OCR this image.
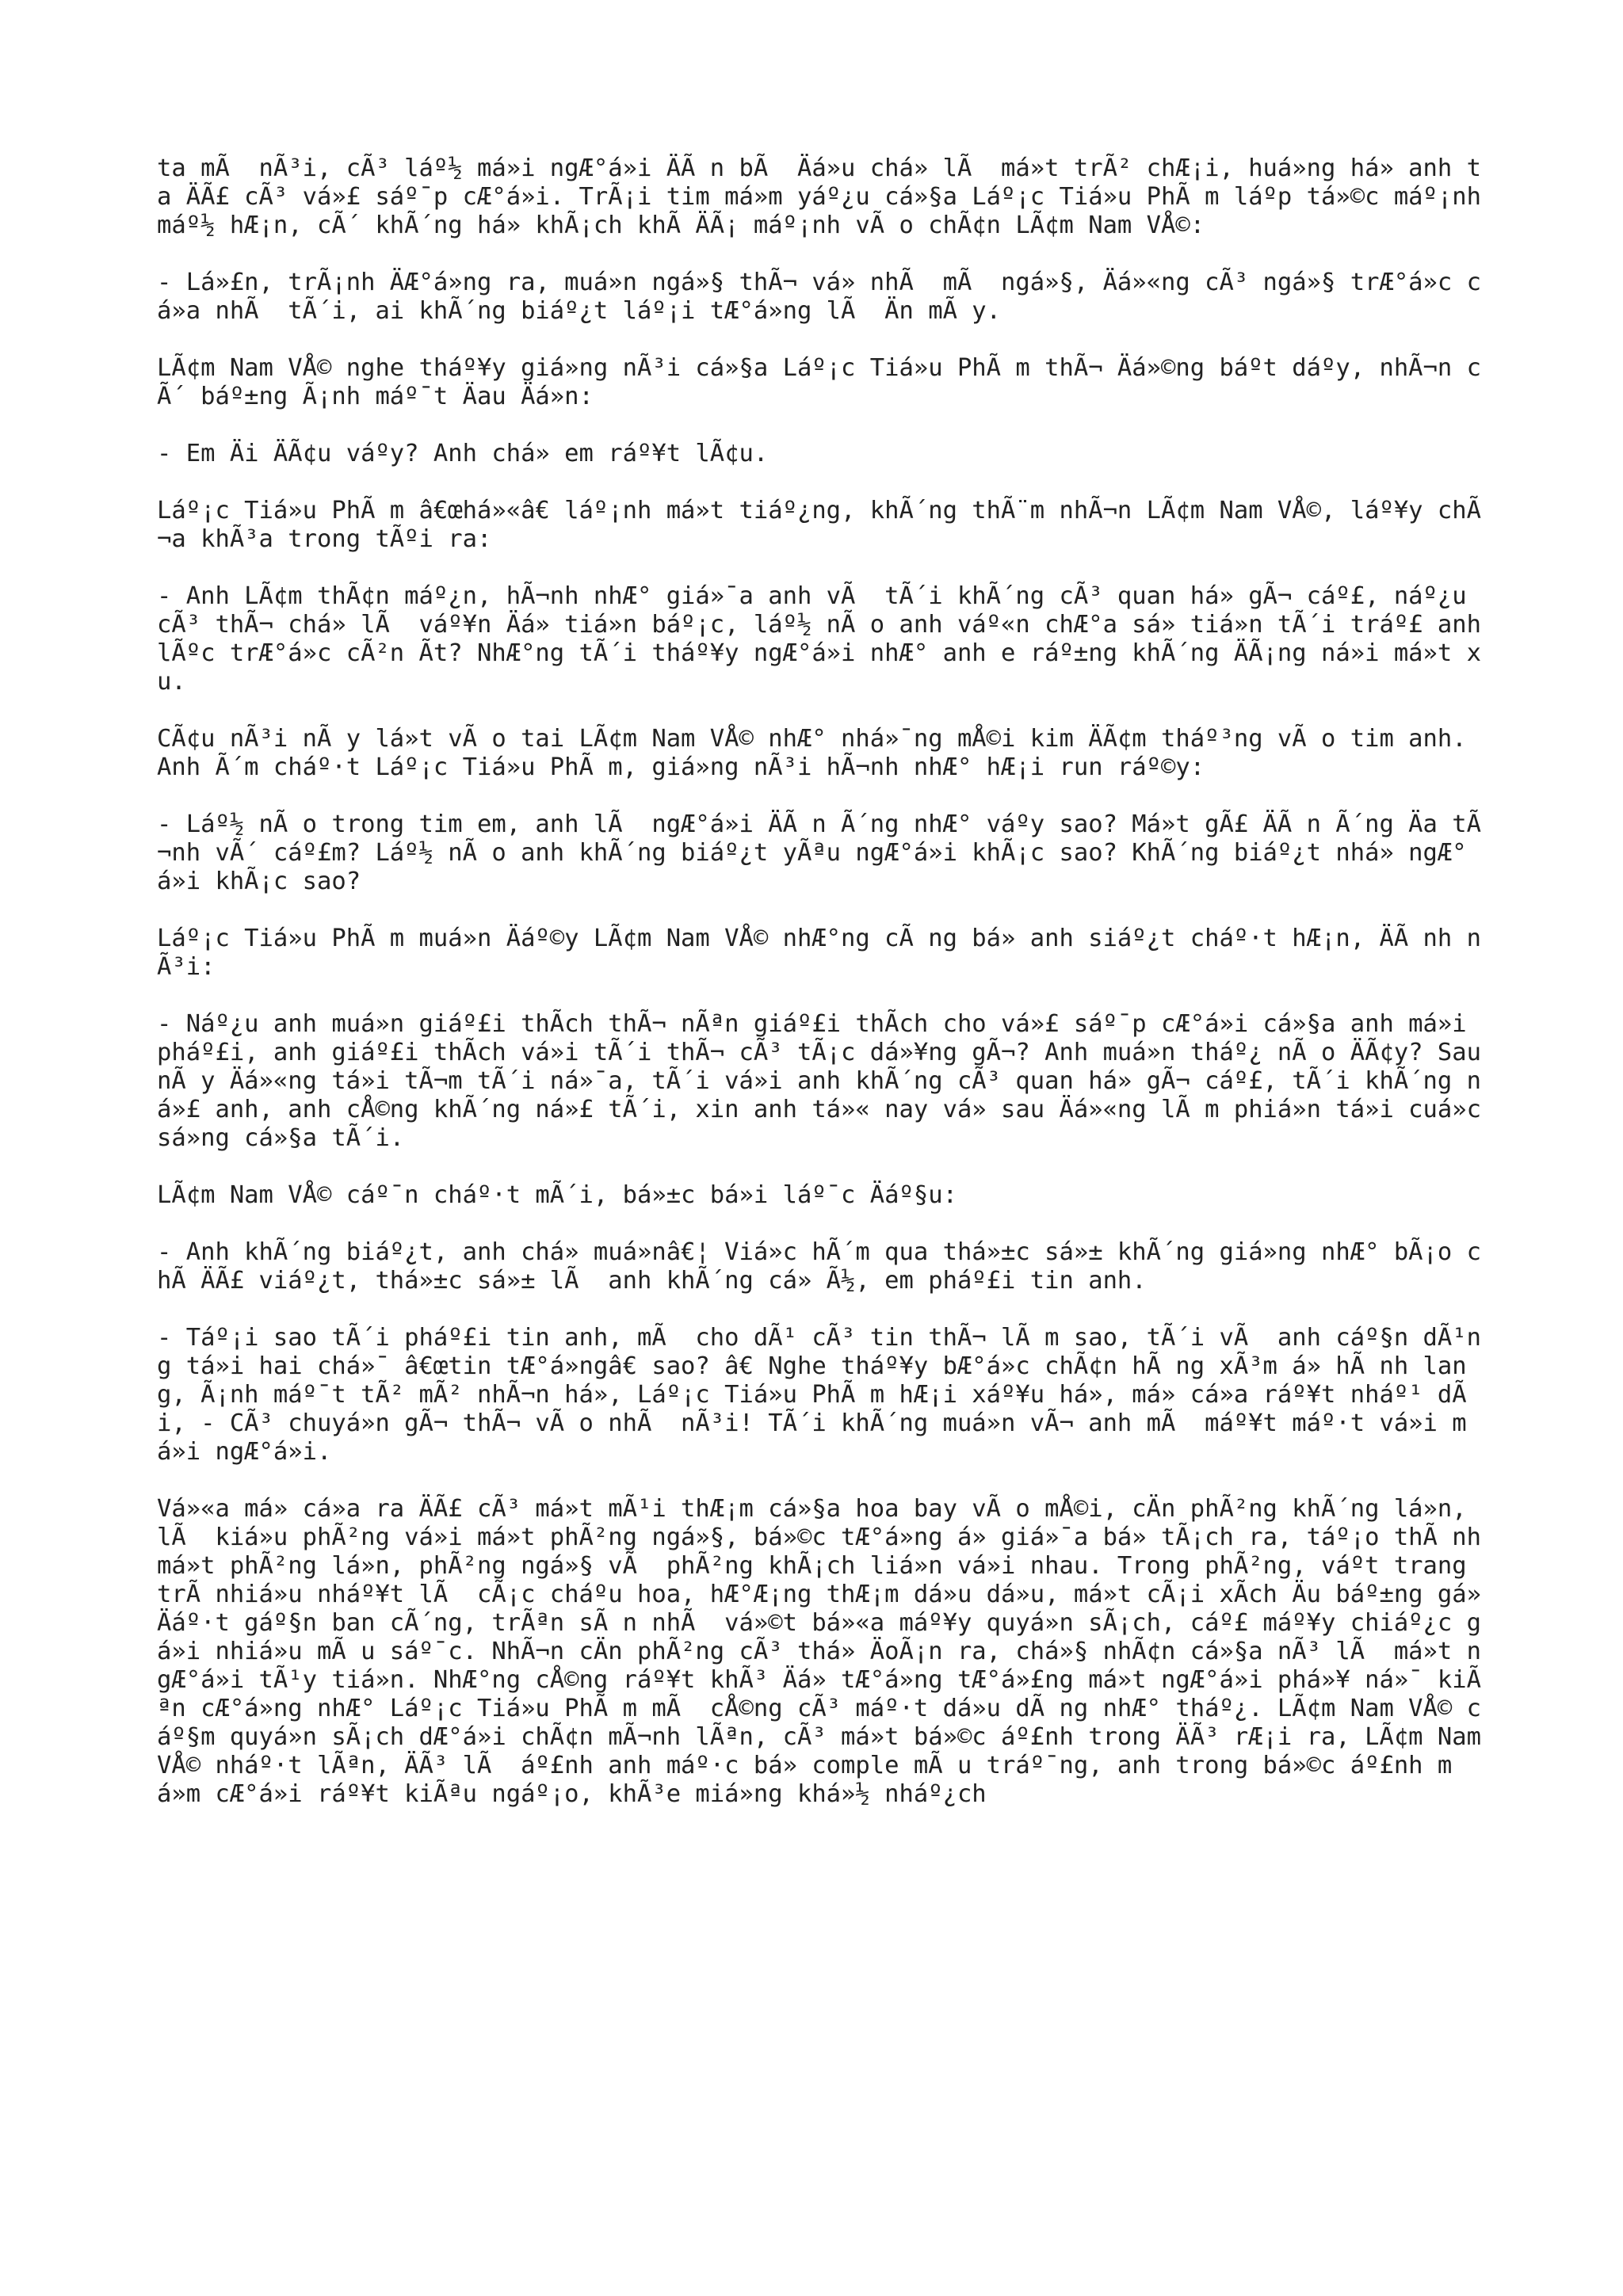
ta mÃ  nÃ³i, cÃ³ láº½ má»i ngÆ°á»i ÄÃ n bÃ  Äá»u chá» lÃ  má»t trÃ² chÆ¡i, huá»ng há» anh ta ÄÃ£ cÃ³ vá»£ sáº¯p cÆ°á»i. TrÃ¡i tim má»m yáº¿u cá»§a Láº¡c Tiá»u PhÃ m láºp tá»©c máº¡nh máº½ hÆ¡n, cÃ´ khÃ´ng há» khÃ¡ch khÃ ÄÃ¡ máº¡nh vÃ o chÃ¢n LÃ¢m Nam VÅ©:

- Lá»£n, trÃ¡nh ÄÆ°á»ng ra, muá»n ngá»§ thÃ¬ vá» nhÃ  mÃ  ngá»§, Äá»«ng cÃ³ ngá»§ trÆ°á»c cá»a nhÃ  tÃ´i, ai khÃ´ng biáº¿t láº¡i tÆ°á»ng lÃ  Än mÃ y.

LÃ¢m Nam VÅ© nghe tháº¥y giá»ng nÃ³i cá»§a Láº¡c Tiá»u PhÃ m thÃ¬ Äá»©ng báºt dáºy, nhÃ¬n cÃ´ báº±ng Ã¡nh máº¯t Äau Äá»n:

- Em Äi ÄÃ¢u váºy? Anh chá» em ráº¥t lÃ¢u.

Láº¡c Tiá»u PhÃ m â€œhá»«â€ láº¡nh má»t tiáº¿ng, khÃ´ng thÃ¨m nhÃ¬n LÃ¢m Nam VÅ©, láº¥y chÃ¬a khÃ³a trong tÃºi ra:

- Anh LÃ¢m thÃ¢n máº¿n, hÃ¬nh nhÆ° giá»¯a anh vÃ  tÃ´i khÃ´ng cÃ³ quan há» gÃ¬ cáº£, náº¿u cÃ³ thÃ¬ chá» lÃ  váº¥n Äá» tiá»n báº¡c, láº½ nÃ o anh váº«n chÆ°a sá» tiá»n tÃ´i tráº£ anh lÃºc trÆ°á»c cÃ²n Ãt? NhÆ°ng tÃ´i tháº¥y ngÆ°á»i nhÆ° anh e ráº±ng khÃ´ng ÄÃ¡ng ná»i má»t xu.

CÃ¢u nÃ³i nÃ y lá»t vÃ o tai LÃ¢m Nam VÅ© nhÆ° nhá»¯ng mÅ©i kim ÄÃ¢m tháº³ng vÃ o tim anh. Anh Ã´m cháº·t Láº¡c Tiá»u PhÃ m, giá»ng nÃ³i hÃ¬nh nhÆ° hÆ¡i run ráº©y:

- Láº½ nÃ o trong tim em, anh lÃ  ngÆ°á»i ÄÃ n Ã´ng nhÆ° váºy sao? Má»t gÃ£ ÄÃ n Ã´ng Äa tÃ¬nh vÃ´ cáº£m? Láº½ nÃ o anh khÃ´ng biáº¿t yÃªu ngÆ°á»i khÃ¡c sao? KhÃ´ng biáº¿t nhá» ngÆ°á»i khÃ¡c sao?

Láº¡c Tiá»u PhÃ m muá»n Äáº©y LÃ¢m Nam VÅ© nhÆ°ng cÃ ng bá» anh siáº¿t cháº·t hÆ¡n, ÄÃ nh nÃ³i:

- Náº¿u anh muá»n giáº£i thÃch thÃ¬ nÃªn giáº£i thÃch cho vá»£ sáº¯p cÆ°á»i cá»§a anh má»i pháº£i, anh giáº£i thÃch vá»i tÃ´i thÃ¬ cÃ³ tÃ¡c dá»¥ng gÃ¬? Anh muá»n tháº¿ nÃ o ÄÃ¢y? Sau nÃ y Äá»«ng tá»i tÃ¬m tÃ´i ná»¯a, tÃ´i vá»i anh khÃ´ng cÃ³ quan há» gÃ¬ cáº£, tÃ´i khÃ´ng ná»£ anh, anh cÅ©ng khÃ´ng ná»£ tÃ´i, xin anh tá»« nay vá» sau Äá»«ng lÃ m phiá»n tá»i cuá»c sá»ng cá»§a tÃ´i.

LÃ¢m Nam VÅ© cáº¯n cháº·t mÃ´i, bá»±c bá»i láº¯c Äáº§u:

- Anh khÃ´ng biáº¿t, anh chá» muá»nâ€¦ Viá»c hÃ´m qua thá»±c sá»± khÃ´ng giá»ng nhÆ° bÃ¡o chÃ ÄÃ£ viáº¿t, thá»±c sá»± lÃ  anh khÃ´ng cá» Ã½, em pháº£i tin anh.

- Táº¡i sao tÃ´i pháº£i tin anh, mÃ  cho dÃ¹ cÃ³ tin thÃ¬ lÃ m sao, tÃ´i vÃ  anh cáº§n dÃ¹ng tá»i hai chá»¯ â€œtin tÆ°á»ngâ€ sao? â€ Nghe tháº¥y bÆ°á»c chÃ¢n hÃ ng xÃ³m á» hÃ nh lang, Ã¡nh máº¯t tÃ² mÃ² nhÃ¬n há», Láº¡c Tiá»u PhÃ m hÆ¡i xáº¥u há», má» cá»a ráº¥t nháº¹ dÃ i, - CÃ³ chuyá»n gÃ¬ thÃ¬ vÃ o nhÃ  nÃ³i! TÃ´i khÃ´ng muá»n vÃ¬ anh mÃ  máº¥t máº·t vá»i má»i ngÆ°á»i.

Vá»«a má» cá»a ra ÄÃ£ cÃ³ má»t mÃ¹i thÆ¡m cá»§a hoa bay vÃ o mÅ©i, cÄn phÃ²ng khÃ´ng lá»n, lÃ  kiá»u phÃ²ng vá»i má»t phÃ²ng ngá»§, bá»©c tÆ°á»ng á» giá»¯a bá» tÃ¡ch ra, táº¡o thÃ nh má»t phÃ²ng lá»n, phÃ²ng ngá»§ vÃ  phÃ²ng khÃ¡ch liá»n vá»i nhau. Trong phÃ²ng, váºt trang trÃ nhiá»u nháº¥t lÃ  cÃ¡c cháºu hoa, hÆ°Æ¡ng thÆ¡m dá»u dá»u, má»t cÃ¡i xÃch Äu báº±ng gá» Äáº·t gáº§n ban cÃ´ng, trÃªn sÃ n nhÃ  vá»©t bá»«a máº¥y quyá»n sÃ¡ch, cáº£ máº¥y chiáº¿c gá»i nhiá»u mÃ u sáº¯c. NhÃ¬n cÄn phÃ²ng cÃ³ thá» ÄoÃ¡n ra, chá»§ nhÃ¢n cá»§a nÃ³ lÃ  má»t ngÆ°á»i tÃ¹y tiá»n. NhÆ°ng cÅ©ng ráº¥t khÃ³ Äá» tÆ°á»ng tÆ°á»£ng má»t ngÆ°á»i phá»¥ ná»¯ kiÃªn cÆ°á»ng nhÆ° Láº¡c Tiá»u PhÃ m mÃ  cÅ©ng cÃ³ máº·t dá»u dÃ ng nhÆ° tháº¿. LÃ¢m Nam VÅ© cáº§m quyá»n sÃ¡ch dÆ°á»i chÃ¢n mÃ¬nh lÃªn, cÃ³ má»t bá»©c áº£nh trong ÄÃ³ rÆ¡i ra, LÃ¢m Nam VÅ© nháº·t lÃªn, ÄÃ³ lÃ  áº£nh anh máº·c bá» comple mÃ u tráº¯ng, anh trong bá»©c áº£nh má»m cÆ°á»i ráº¥t kiÃªu ngáº¡o, khÃ³e miá»ng khá»½ nháº¿ch
